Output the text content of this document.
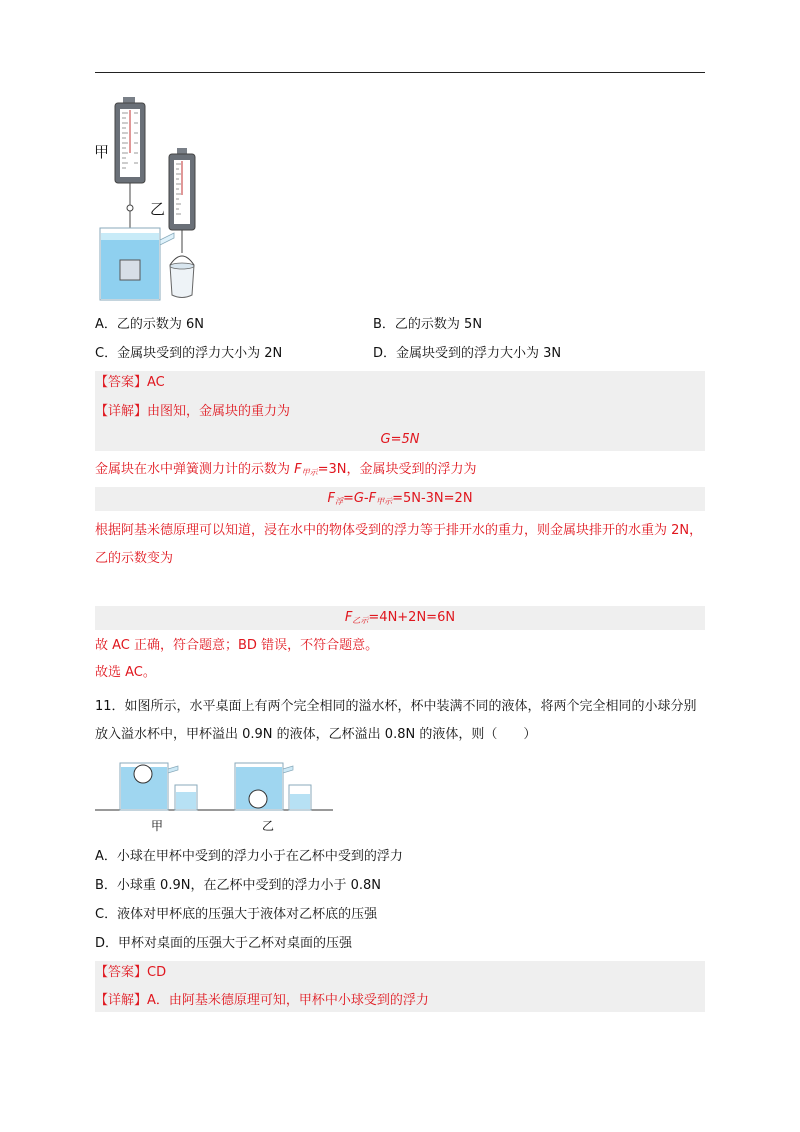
甲
乙
A．乙的示数为 6N	B．乙的示数为 5N
C．金属块受到的浮力大小为 2N	D．金属块受到的浮力大小为 3N
【答案】AC
【详解】由图知，金属块的重力为
G=5N
金属块在水中弹簧测力计的示数为 $F_{甲示}=3N$，金属块受到的浮力为
$F_浮=G-F_{甲示}=5N-3N=2N$
根据阿基米德原理可以知道，浸在水中的物体受到的浮力等于排开水的重力，则金属块排开的水重为 2N，乙的示数变为
$F_{乙示}=4N+2N=6N$
故 AC 正确，符合题意；BD 错误，不符合题意。
故选 AC。
11．如图所示，水平桌面上有两个完全相同的溢水杯，杯中装满不同的液体，将两个完全相同的小球分别放入溢水杯中，甲杯溢出 0.9N 的液体，乙杯溢出 0.8N 的液体，则（　　）
甲	乙
A．小球在甲杯中受到的浮力小于在乙杯中受到的浮力
B．小球重 0.9N，在乙杯中受到的浮力小于 0.8N
C．液体对甲杯底的压强大于液体对乙杯底的压强
D．甲杯对桌面的压强大于乙杯对桌面的压强
【答案】CD
【详解】A．由阿基米德原理可知，甲杯中小球受到的浮力
